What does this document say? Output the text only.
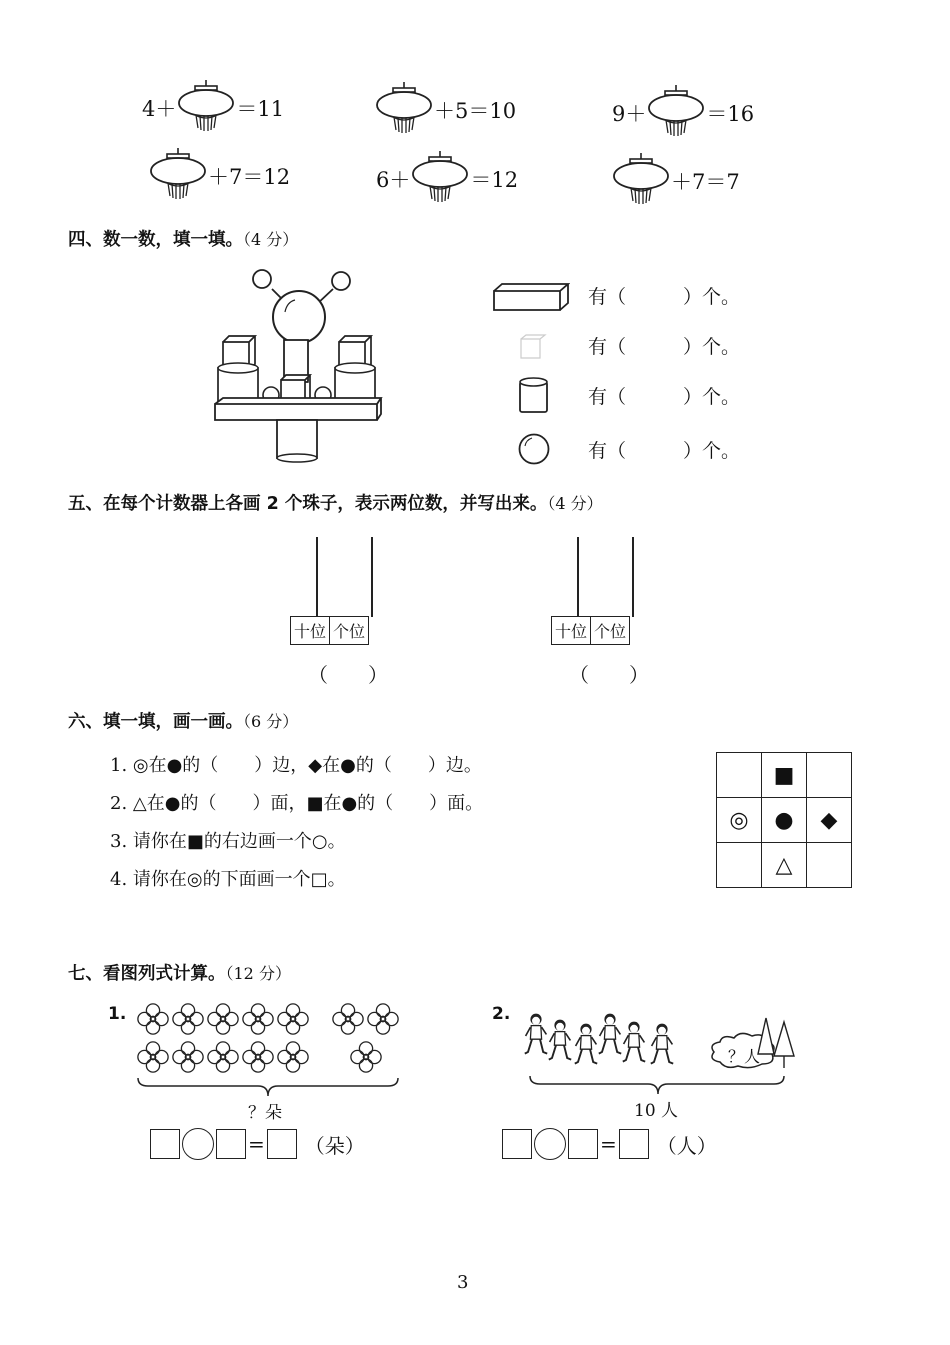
4＋	＝11	＋5＝10	9＋	＝16
＋7＝12	6＋	＝12	＋7＝7
四、数一数，填一填。（4 分）
有（　　　）个。
有（　　　）个。
有（　　　）个。
有（　　　）个。
五、在每个计数器上各画 2 个珠子，表示两位数，并写出来。（4 分）
十位 个位
（　　）
十位 个位
（　　）
六、填一填，画一画。（6 分）
1. ◎在●的（　　）边，◆在●的（　　）边。
2. △在●的（　　）面，■在●的（　　）面。
3. 请你在■的右边画一个○。
4. 请你在◎的下面画一个□。
	■	
◎	●	◆
	△	
七、看图列式计算。（12 分）
1.
？朵
= （朵）
2.
？人
10 人
= （人）
3
